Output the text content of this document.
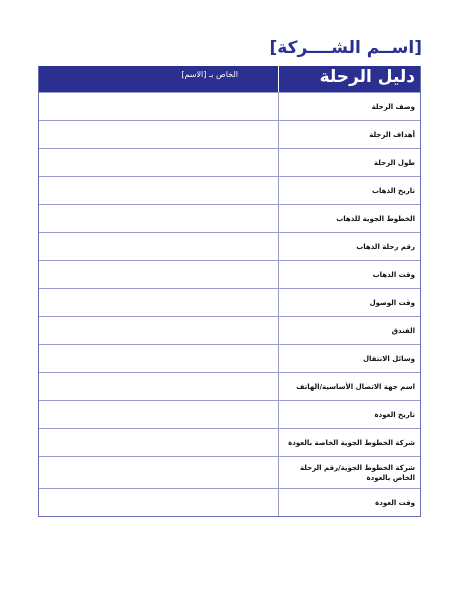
[اســم الشــــركة]
الخاص بـ [الاسم]	دليل الرحلة
وصف الرحلة
أهداف الرحلة
طول الرحلة
تاريخ الذهاب
الخطوط الجوية للذهاب
رقم رحلة الذهاب
وقت الذهاب
وقت الوصول
الفندق
وسائل الانتقال
اسم جهة الاتصال الأساسية/الهاتف
تاريخ العودة
شركة الخطوط الجوية الخاصة بالعودة
شركة الخطوط الجوية/رقم الرحلة الخاص بالعودة
وقت العودة
